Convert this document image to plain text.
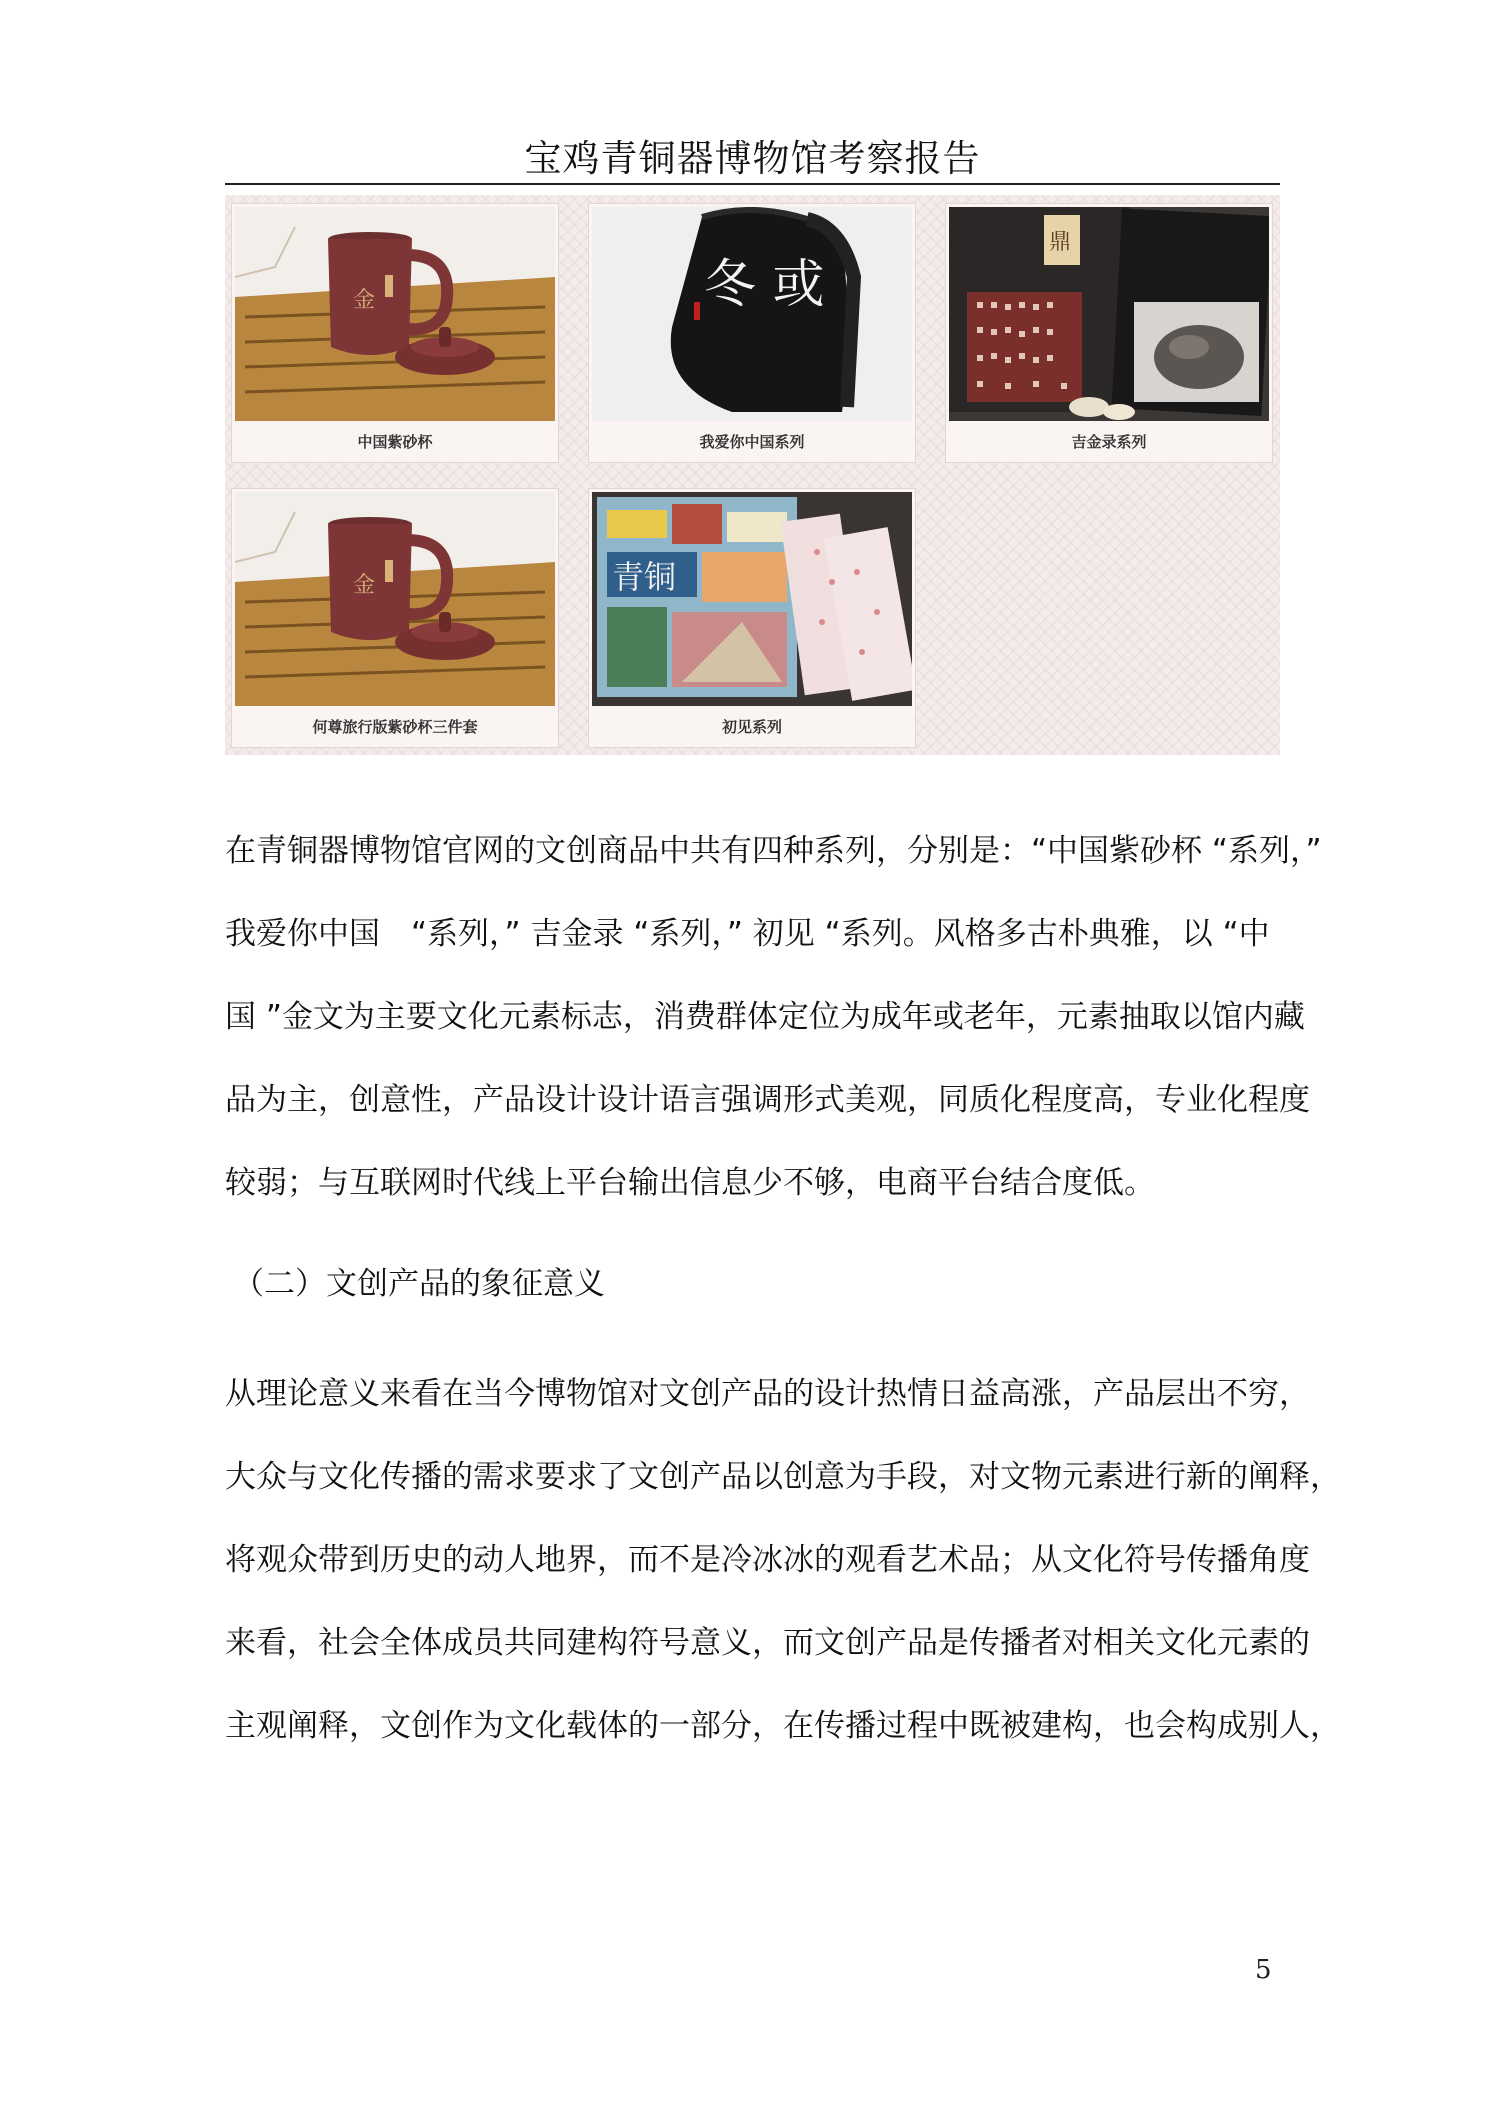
宝鸡青铜器博物馆考察报告
金
中国紫砂杯
冬 或
我爱你中国系列
鼎
吉金录系列
金
何尊旅行版紫砂杯三件套
青铜
初见系列
在青铜器博物馆官网的文创商品中共有四种系列，分别是：“中国紫砂杯 “系列，”
我爱你中国　“系列，” 吉金录 “系列，” 初见 “系列。风格多古朴典雅，以 “中
国 ”金文为主要文化元素标志，消费群体定位为成年或老年，元素抽取以馆内藏
品为主，创意性，产品设计设计语言强调形式美观，同质化程度高，专业化程度
较弱；与互联网时代线上平台输出信息少不够，电商平台结合度低。
（二）文创产品的象征意义
从理论意义来看在当今博物馆对文创产品的设计热情日益高涨，产品层出不穷，
大众与文化传播的需求要求了文创产品以创意为手段，对文物元素进行新的阐释，
将观众带到历史的动人地界，而不是冷冰冰的观看艺术品；从文化符号传播角度
来看，社会全体成员共同建构符号意义，而文创产品是传播者对相关文化元素的
主观阐释，文创作为文化载体的一部分，在传播过程中既被建构，也会构成别人，
5
